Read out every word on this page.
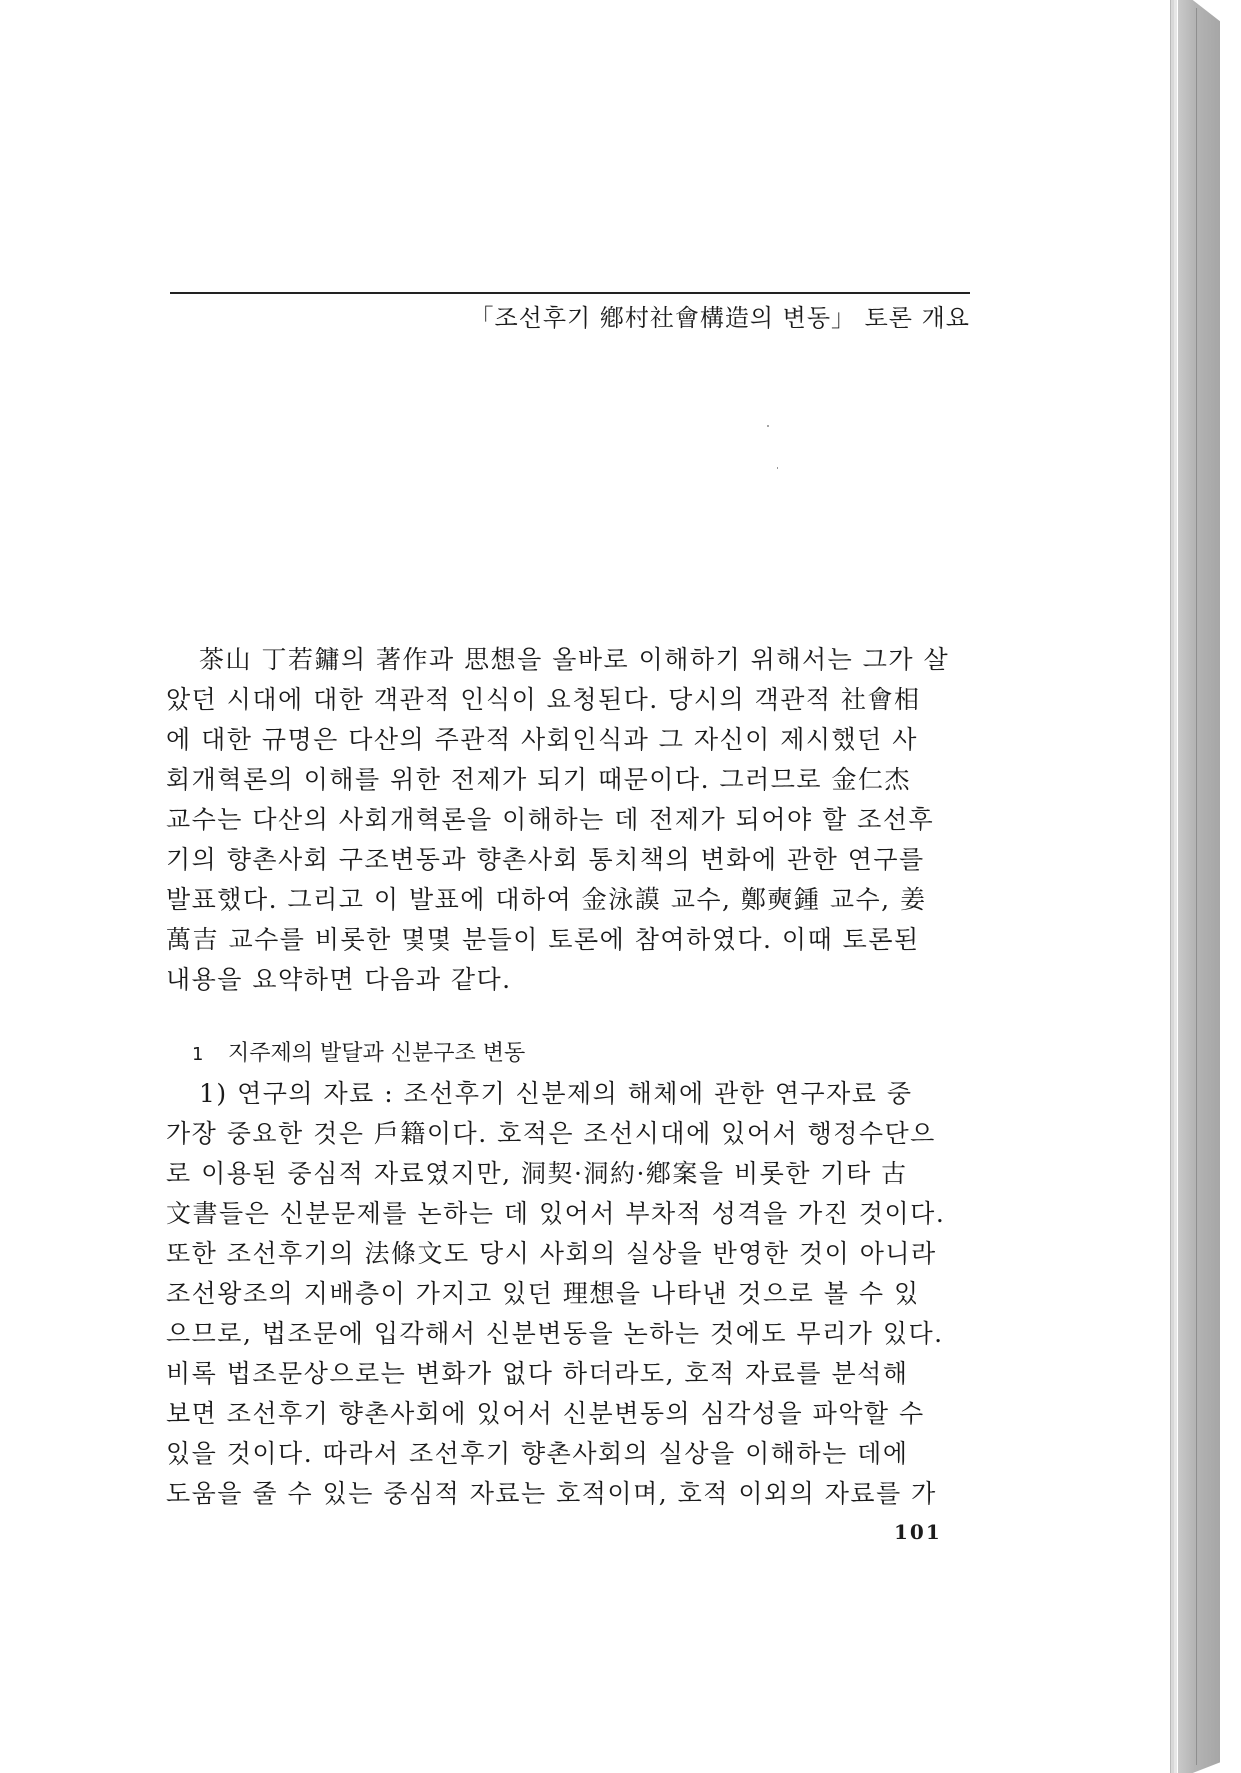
「조선후기 鄕村社會構造의 변동」 토론 개요
茶山 丁若鏞의 著作과 思想을 올바로 이해하기 위해서는 그가 살
았던 시대에 대한 객관적 인식이 요청된다. 당시의 객관적 社會相
에 대한 규명은 다산의 주관적 사회인식과 그 자신이 제시했던 사
회개혁론의 이해를 위한 전제가 되기 때문이다. 그러므로 金仁杰
교수는 다산의 사회개혁론을 이해하는 데 전제가 되어야 할 조선후
기의 향촌사회 구조변동과 향촌사회 통치책의 변화에 관한 연구를
발표했다. 그리고 이 발표에 대하여 金泳謨 교수, 鄭奭鍾 교수, 姜
萬吉 교수를 비롯한 몇몇 분들이 토론에 참여하였다. 이때 토론된
내용을 요약하면 다음과 같다.
1 지주제의 발달과 신분구조 변동
1) 연구의 자료 : 조선후기 신분제의 해체에 관한 연구자료 중
가장 중요한 것은 戶籍이다. 호적은 조선시대에 있어서 행정수단으
로 이용된 중심적 자료였지만, 洞契·洞約·鄕案을 비롯한 기타 古
文書들은 신분문제를 논하는 데 있어서 부차적 성격을 가진 것이다.
또한 조선후기의 法條文도 당시 사회의 실상을 반영한 것이 아니라
조선왕조의 지배층이 가지고 있던 理想을 나타낸 것으로 볼 수 있
으므로, 법조문에 입각해서 신분변동을 논하는 것에도 무리가 있다.
비록 법조문상으로는 변화가 없다 하더라도, 호적 자료를 분석해
보면 조선후기 향촌사회에 있어서 신분변동의 심각성을 파악할 수
있을 것이다. 따라서 조선후기 향촌사회의 실상을 이해하는 데에
도움을 줄 수 있는 중심적 자료는 호적이며, 호적 이외의 자료를 가
101
